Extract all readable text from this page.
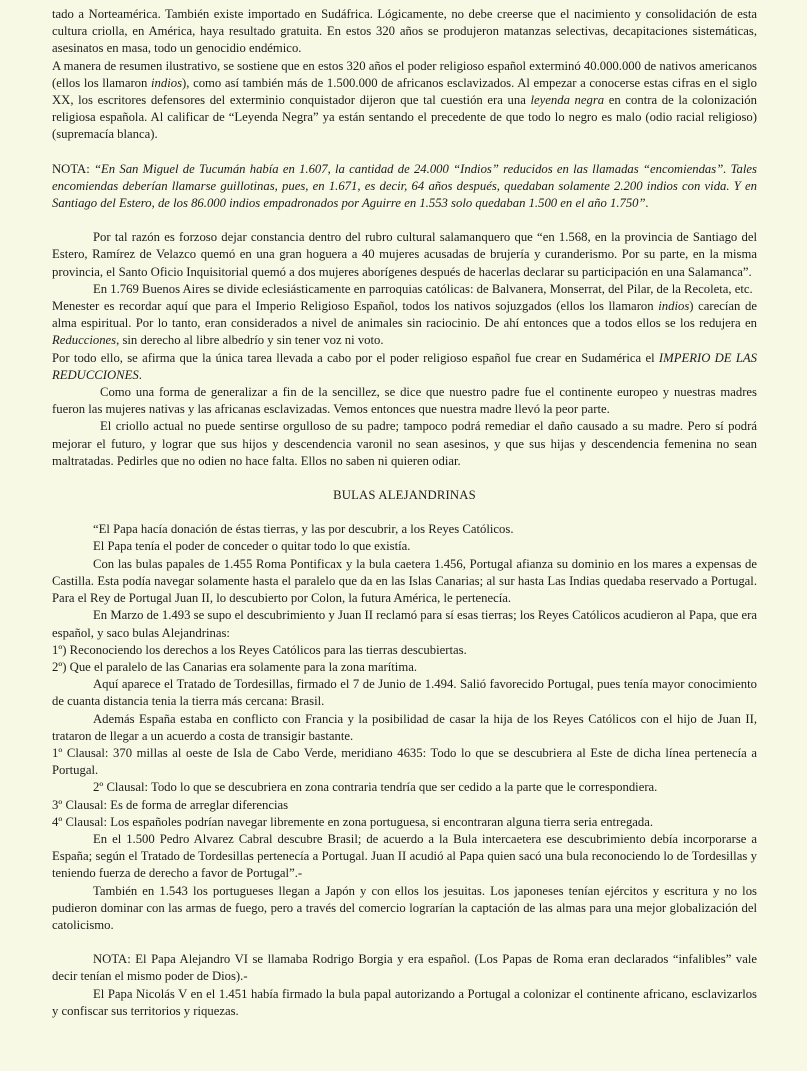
tado a Norteamérica. También existe importado en Sudáfrica. Lógicamente, no debe creerse que el nacimiento y consolidación de esta cultura criolla, en América, haya resultado gratuita. En estos 320 años se produjeron matanzas selectivas, decapitaciones sistemáticas, asesinatos en masa, todo un genocidio endémico.

A manera de resumen ilustrativo, se sostiene que en estos 320 años el poder religioso español exterminó 40.000.000 de nativos americanos (ellos los llamaron indios), como así también más de 1.500.000 de africanos esclavizados. Al empezar a conocerse estas cifras en el siglo XX, los escritores defensores del exterminio conquistador dijeron que tal cuestión era una leyenda negra en contra de la colonización religiosa española. Al calificar de “Leyenda Negra” ya están sentando el precedente de que todo lo negro es malo (odio racial religioso) (supremacía blanca).

NOTA: “En San Miguel de Tucumán había en 1.607, la cantidad de 24.000 “Indios” reducidos en las llamadas “encomiendas”. Tales encomiendas deberían llamarse guillotinas, pues, en 1.671, es decir, 64 años después, quedaban solamente 2.200 indios con vida. Y en Santiago del Estero, de los 86.000 indios empadronados por Aguirre en 1.553 solo quedaban 1.500 en el año 1.750”.

Por tal razón es forzoso dejar constancia dentro del rubro cultural salamanquero que “en 1.568, en la provincia de Santiago del Estero, Ramírez de Velazco quemó en una gran hoguera a 40 mujeres acusadas de brujería y curanderismo. Por su parte, en la misma provincia, el Santo Oficio Inquisitorial quemó a dos mujeres aborígenes después de hacerlas declarar su participación en una Salamanca”.

En 1.769 Buenos Aires se divide eclesiásticamente en parroquias católicas: de Balvanera, Monserrat, del Pilar, de la Recoleta, etc.

Menester es recordar aquí que para el Imperio Religioso Español, todos los nativos sojuzgados (ellos los llamaron indios) carecían de alma espiritual. Por lo tanto, eran considerados a nivel de animales sin raciocinio. De ahí entonces que a todos ellos se los redujera en Reducciones, sin derecho al libre albedrío y sin tener voz ni voto.

Por todo ello, se afirma que la única tarea llevada a cabo por el poder religioso español fue crear en Sudamérica el IMPERIO DE LAS REDUCCIONES.

Como una forma de generalizar a fin de la sencillez, se dice que nuestro padre fue el continente europeo y nuestras madres fueron las mujeres nativas y las africanas esclavizadas. Vemos entonces que nuestra madre llevó la peor parte.

El criollo actual no puede sentirse orgulloso de su padre; tampoco podrá remediar el daño causado a su madre. Pero sí podrá mejorar el futuro, y lograr que sus hijos y descendencia varonil no sean asesinos, y que sus hijas y descendencia femenina no sean maltratadas. Pedirles que no odien no hace falta. Ellos no saben ni quieren odiar.

BULAS ALEJANDRINAS

“El Papa hacía donación de éstas tierras, y las por descubrir, a los Reyes Católicos.

El Papa tenía el poder de conceder o quitar todo lo que existía.

Con las bulas papales de 1.455 Roma Pontificax y la bula caetera 1.456, Portugal afianza su dominio en los mares a expensas de Castilla. Esta podía navegar solamente hasta el paralelo que da en las Islas Canarias; al sur hasta Las Indias quedaba reservado a Portugal. Para el Rey de Portugal Juan II, lo descubierto por Colon, la futura América, le pertenecía.

En Marzo de 1.493 se supo el descubrimiento y Juan II reclamó para sí esas tierras; los Reyes Católicos acudieron al Papa, que era español, y saco bulas Alejandrinas:

1º) Reconociendo los derechos a los Reyes Católicos para las tierras descubiertas.

2º) Que el paralelo de las Canarias era solamente para la zona marítima.

Aquí aparece el Tratado de Tordesillas, firmado el 7 de Junio de 1.494. Salió favorecido Portugal, pues tenía mayor conocimiento de cuanta distancia tenia la tierra más cercana: Brasil.

Además España estaba en conflicto con Francia y la posibilidad de casar la hija de los Reyes Católicos con el hijo de Juan II, trataron de llegar a un acuerdo a costa de transigir bastante.

1º Clausal: 370 millas al oeste de Isla de Cabo Verde, meridiano 4635: Todo lo que se descubriera al Este de dicha línea pertenecía a Portugal.

2º Clausal: Todo lo que se descubriera en zona contraria tendría que ser cedido a la parte que le correspondiera.

3º Clausal: Es de forma de arreglar diferencias

4º Clausal: Los españoles podrían navegar libremente en zona portuguesa, si encontraran alguna tierra seria entregada.

En el 1.500 Pedro Alvarez Cabral descubre Brasil; de acuerdo a la Bula intercaetera ese descubrimiento debía incorporarse a España; según el Tratado de Tordesillas pertenecía a Portugal. Juan II acudió al Papa quien sacó una bula reconociendo lo de Tordesillas y teniendo fuerza de derecho a favor de Portugal”.-

También en 1.543 los portugueses llegan a Japón y con ellos los jesuitas. Los japoneses tenían ejércitos y escritura y no los pudieron dominar con las armas de fuego, pero a través del comercio lograrían la captación de las almas para una mejor globalización del catolicismo.

NOTA: El Papa Alejandro VI se llamaba Rodrigo Borgia y era español. (Los Papas de Roma eran declarados “infalibles” vale decir tenían el mismo poder de Dios).-

El Papa Nicolás V en el 1.451 había firmado la bula papal autorizando a Portugal a colonizar el continente africano, esclavizarlos y confiscar sus territorios y riquezas.
